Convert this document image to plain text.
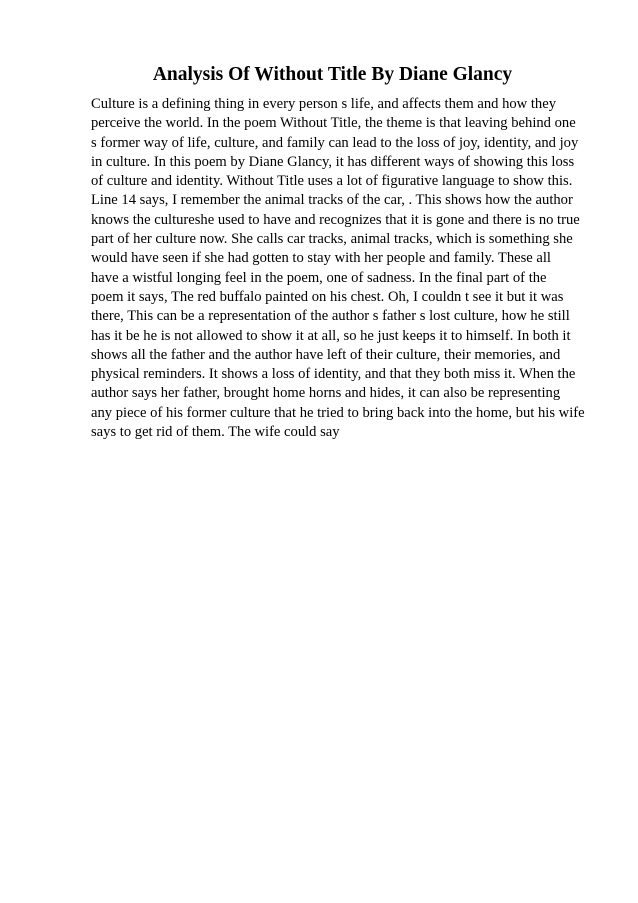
Analysis Of Without Title By Diane Glancy

Culture is a defining thing in every person s life, and affects them and how they

perceive the world. In the poem Without Title, the theme is that leaving behind one

s former way of life, culture, and family can lead to the loss of joy, identity, and joy

in culture. In this poem by Diane Glancy, it has different ways of showing this loss

of culture and identity. Without Title uses a lot of figurative language to show this.

Line 14 says, I remember the animal tracks of the car, . This shows how the author

knows the cultureshe used to have and recognizes that it is gone and there is no true

part of her culture now. She calls car tracks, animal tracks, which is something she

would have seen if she had gotten to stay with her people and family. These all

have a wistful longing feel in the poem, one of sadness. In the final part of the

poem it says, The red buffalo painted on his chest. Oh, I couldn t see it but it was

there, This can be a representation of the author s father s lost culture, how he still

has it be he is not allowed to show it at all, so he just keeps it to himself. In both it

shows all the father and the author have left of their culture, their memories, and

physical reminders. It shows a loss of identity, and that they both miss it. When the

author says her father, brought home horns and hides, it can also be representing

any piece of his former culture that he tried to bring back into the home, but his wife

says to get rid of them. The wife could say
